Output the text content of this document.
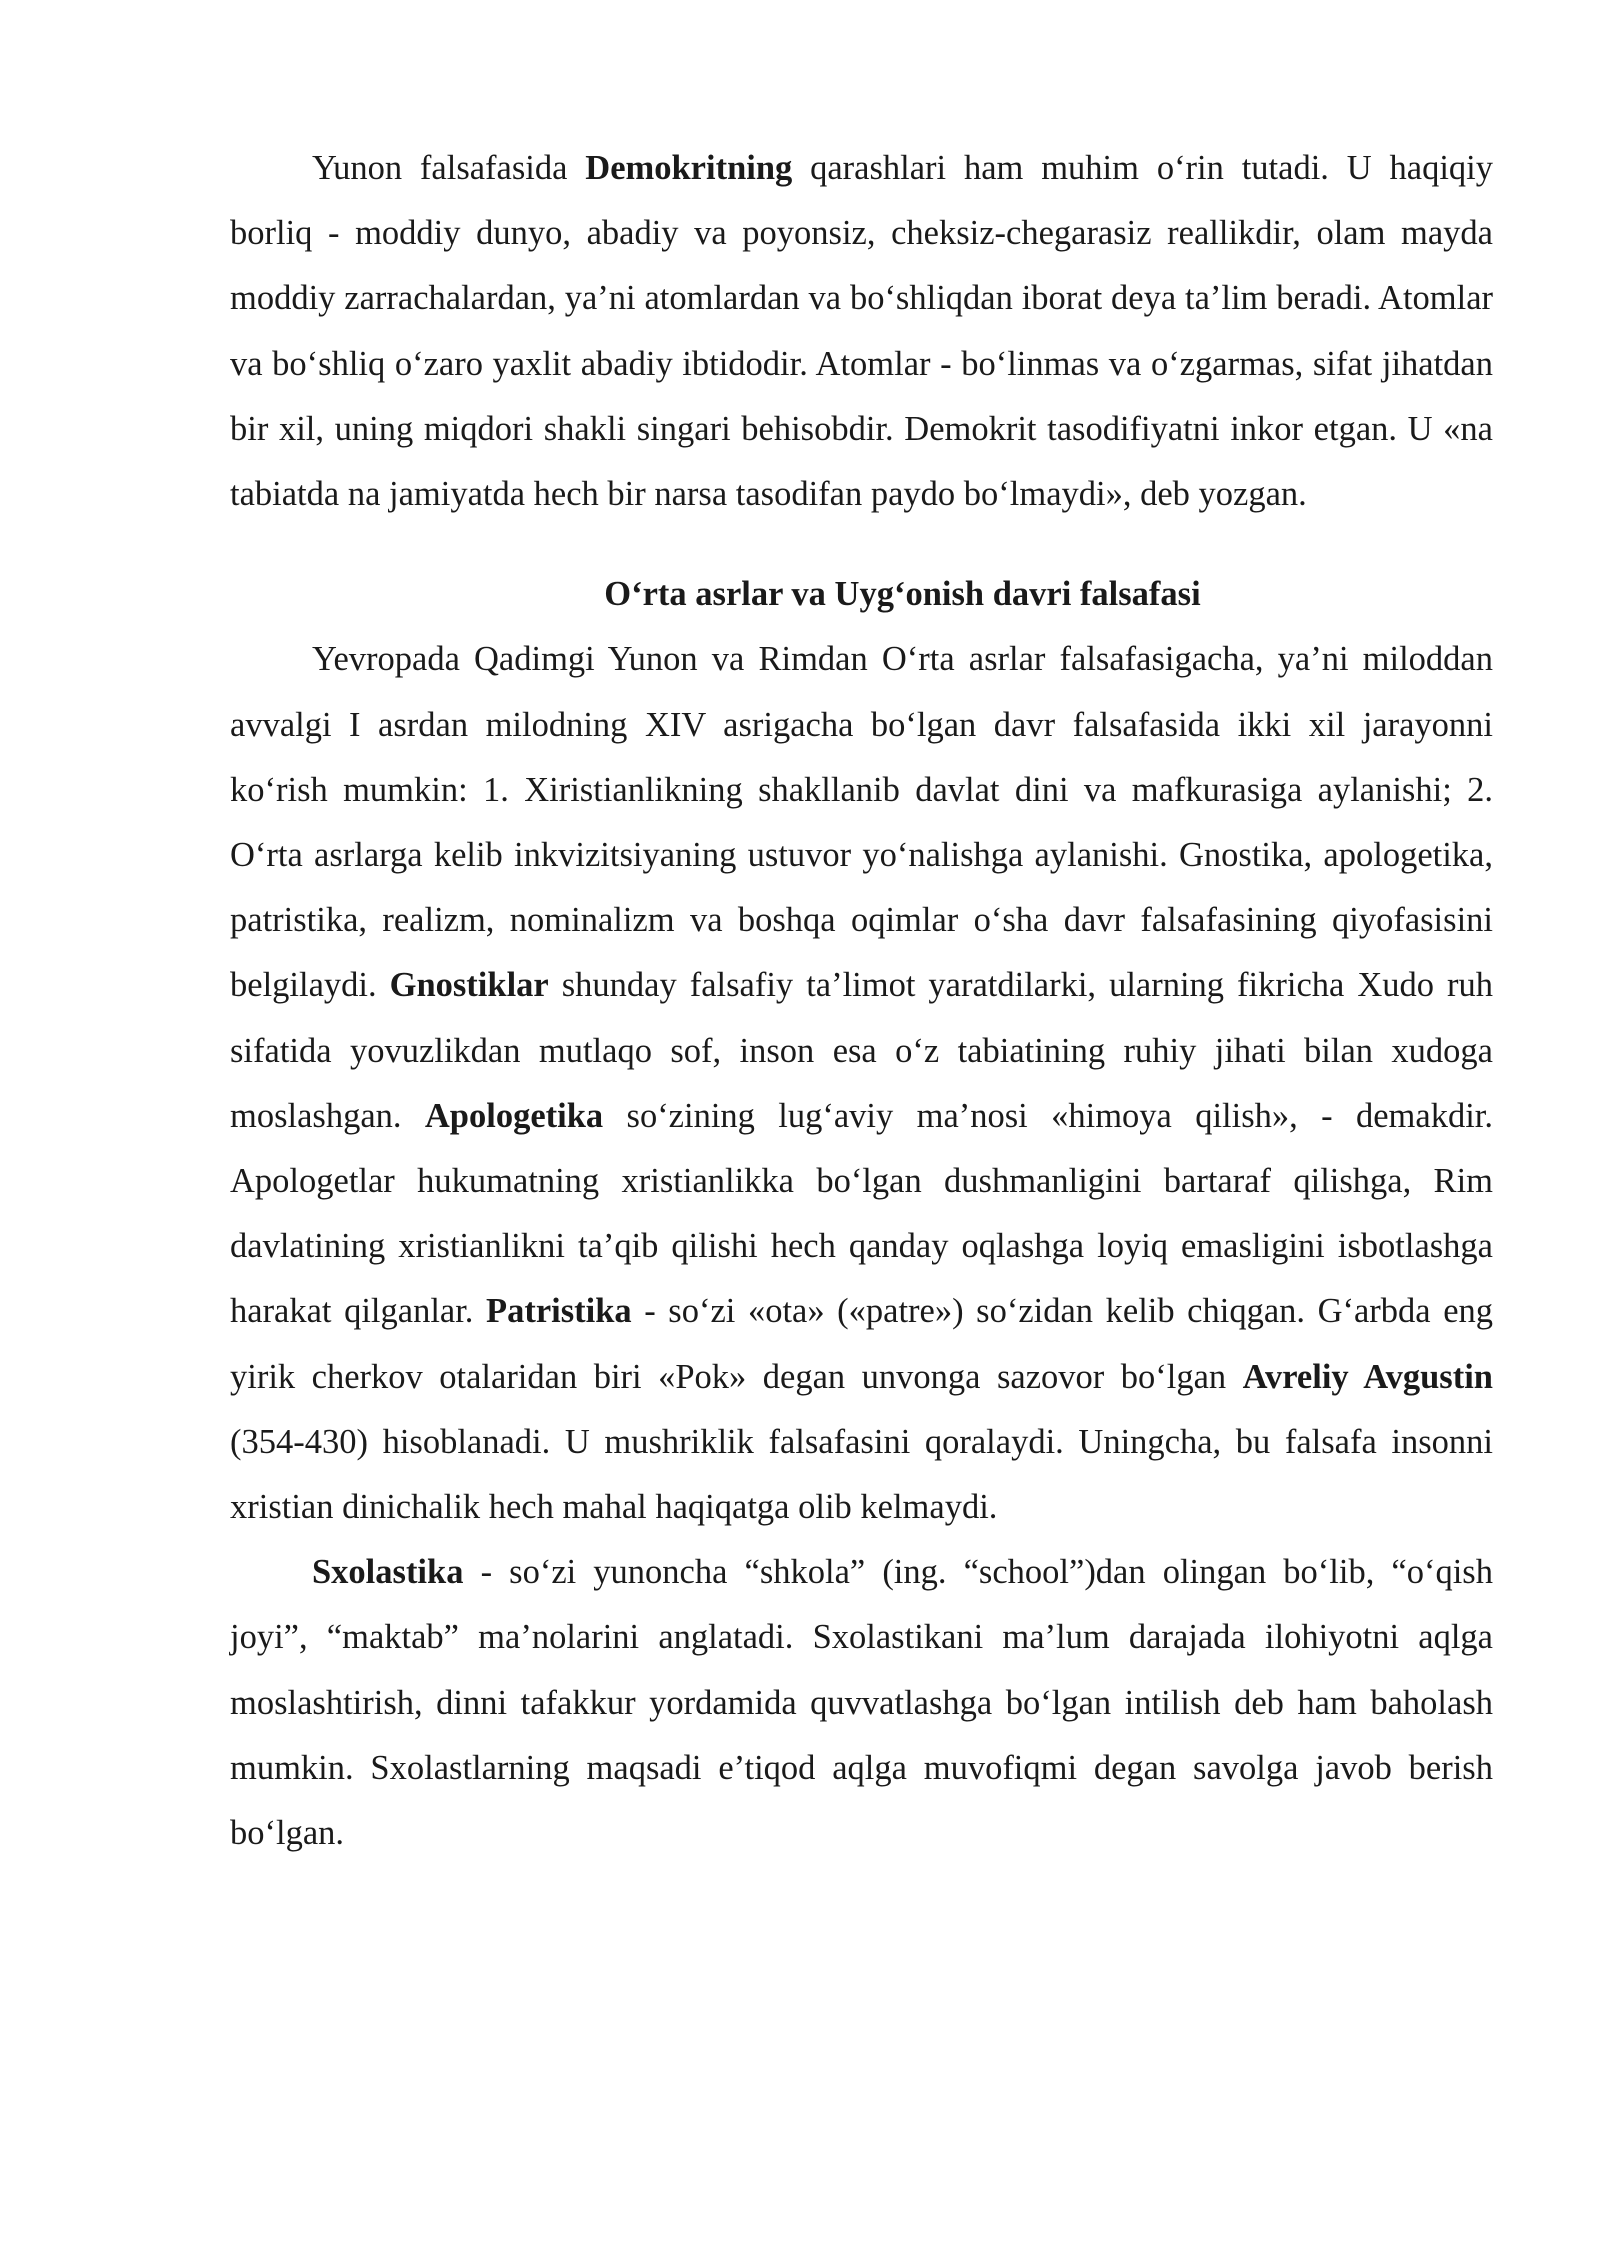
Yunon falsafasida Demokritning qarashlari ham muhim o‘rin tutadi. U haqiqiy borliq - moddiy dunyo, abadiy va poyonsiz, cheksiz-chegarasiz reallikdir, olam mayda moddiy zarrachalardan, ya’ni atomlardan va bo‘shliqdan iborat deya ta’lim beradi. Atomlar va bo‘shliq o‘zaro yaxlit abadiy ibtidodir. Atomlar - bo‘linmas va o‘zgarmas, sifat jihatdan bir xil, uning miqdori shakli singari behisobdir. Demokrit tasodifiyatni inkor etgan. U «na tabiatda na jamiyatda hech bir narsa tasodifan paydo bo‘lmaydi», deb yozgan.

O‘rta asrlar va Uyg‘onish davri falsafasi

Yevropada Qadimgi Yunon va Rimdan O‘rta asrlar falsafasigacha, ya’ni miloddan avvalgi I asrdan milodning XIV asrigacha bo‘lgan davr falsafasida ikki xil jarayonni ko‘rish mumkin: 1. Xiristianlikning shakllanib davlat dini va mafkurasiga aylanishi; 2. O‘rta asrlarga kelib inkvizitsiyaning ustuvor yo‘nalishga aylanishi. Gnostika, apologetika, patristika, realizm, nominalizm va boshqa oqimlar o‘sha davr falsafasining qiyofasisini belgilaydi. Gnostiklar shunday falsafiy ta’limot yaratdilarki, ularning fikricha Xudo ruh sifatida yovuzlikdan mutlaqo sof, inson esa o‘z tabiatining ruhiy jihati bilan xudoga moslashgan. Apologetika so‘zining lug‘aviy ma’nosi «himoya qilish», - demakdir. Apologetlar hukumatning xristianlikka bo‘lgan dushmanligini bartaraf qilishga, Rim davlatining xristianlikni ta’qib qilishi hech qanday oqlashga loyiq emasligini isbotlashga harakat qilganlar. Patristika - so‘zi «ota» («patre») so‘zidan kelib chiqgan. G‘arbda eng yirik cherkov otalaridan biri «Pok» degan unvonga sazovor bo‘lgan Avreliy Avgustin (354-430) hisoblanadi. U mushriklik falsafasini qoralaydi. Uningcha, bu falsafa insonni xristian dinichalik hech mahal haqiqatga olib kelmaydi.

Sxolastika - so‘zi yunoncha “shkola” (ing. “school”)dan olingan bo‘lib, “o‘qish joyi”, “maktab” ma’nolarini anglatadi. Sxolastikani ma’lum darajada ilohiyotni aqlga moslashtirish, dinni tafakkur yordamida quvvatlashga bo‘lgan intilish deb ham baholash mumkin. Sxolastlarning maqsadi e’tiqod aqlga muvofiqmi degan savolga javob berish bo‘lgan.
